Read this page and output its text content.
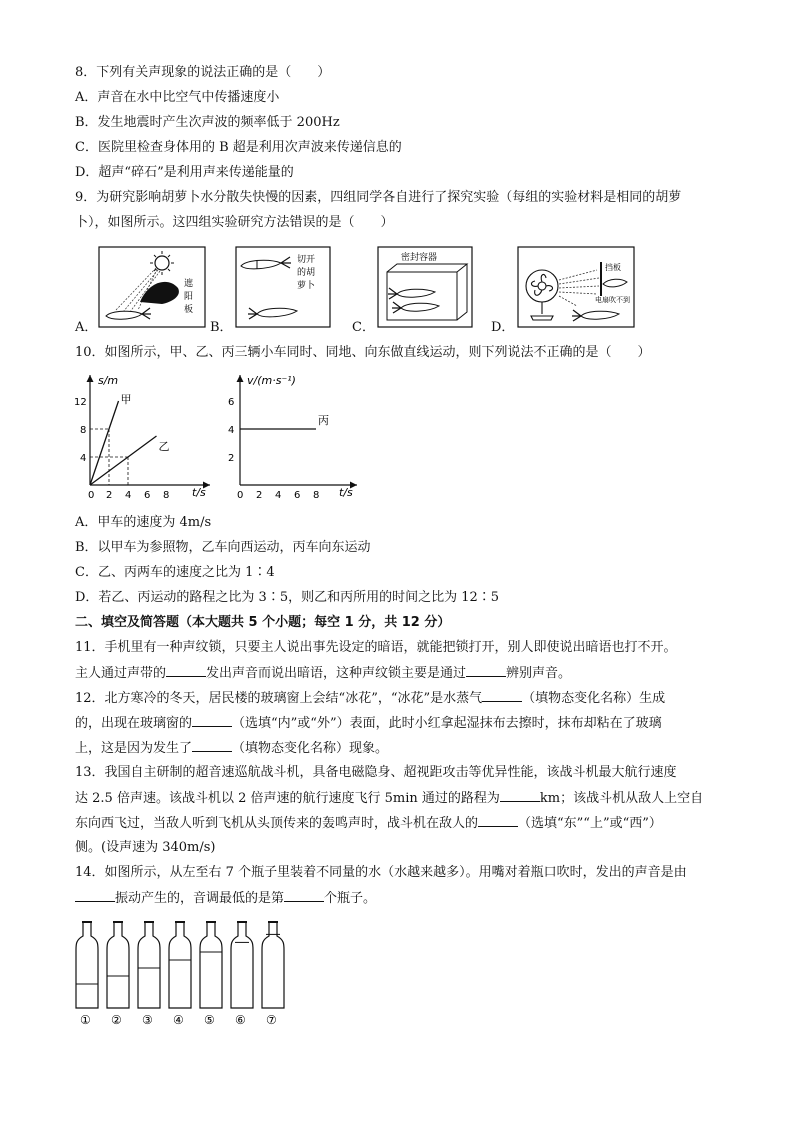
8．下列有关声现象的说法正确的是（　　）
A．声音在水中比空气中传播速度小
B．发生地震时产生次声波的频率低于 200Hz
C．医院里检查身体用的 B 超是利用次声波来传递信息的
D．超声“碎石”是利用声来传递能量的
9．为研究影响胡萝卜水分散失快慢的因素，四组同学各自进行了探究实验（每组的实验材料是相同的胡萝
卜），如图所示。这四组实验研究方法错误的是（　　）
A．
遮
阳
板
B．
切开
的胡
萝卜
C．
密封容器
D．
挡板
电扇吹不到
10．如图所示，甲、乙、丙三辆小车同时、同地、向东做直线运动，则下列说法不正确的是（　　）
s/m
t/s
0 2 4 6 8
4
8
12	甲
乙
v/(m·s⁻¹)
t/s
0 2 4 6 8
2
4
6
丙
A．甲车的速度为 4m/s
B．以甲车为参照物，乙车向西运动，丙车向东运动
C．乙、丙两车的速度之比为 1∶4
D．若乙、丙运动的路程之比为 3∶5，则乙和丙所用的时间之比为 12∶5
二、填空及简答题（本大题共 5 个小题；每空 1 分，共 12 分）
11．手机里有一种声纹锁，只要主人说出事先设定的暗语，就能把锁打开，别人即使说出暗语也打不开。
主人通过声带的	发出声音而说出暗语，这种声纹锁主要是通过	辨别声音。
12．北方寒冷的冬天，居民楼的玻璃窗上会结“冰花”，“冰花”是水蒸气	（填物态变化名称）生成
的，出现在玻璃窗的	（选填“内”或“外”）表面，此时小红拿起湿抹布去擦时，抹布却粘在了玻璃
上，这是因为发生了	（填物态变化名称）现象。
13．我国自主研制的超音速巡航战斗机，具备电磁隐身、超视距攻击等优异性能，该战斗机最大航行速度
达 2.5 倍声速。该战斗机以 2 倍声速的航行速度飞行 5min 通过的路程为	km；该战斗机从敌人上空自
东向西飞过，当敌人听到飞机从头顶传来的轰鸣声时，战斗机在敌人的	（选填“东”“上”或“西”）
侧。(设声速为 340m/s)
14．如图所示，从左至右 7 个瓶子里装着不同量的水（水越来越多）。用嘴对着瓶口吹时，发出的声音是由
振动产生的，音调最低的是第	个瓶子。
① ② ③ ④ ⑤ ⑥ ⑦
